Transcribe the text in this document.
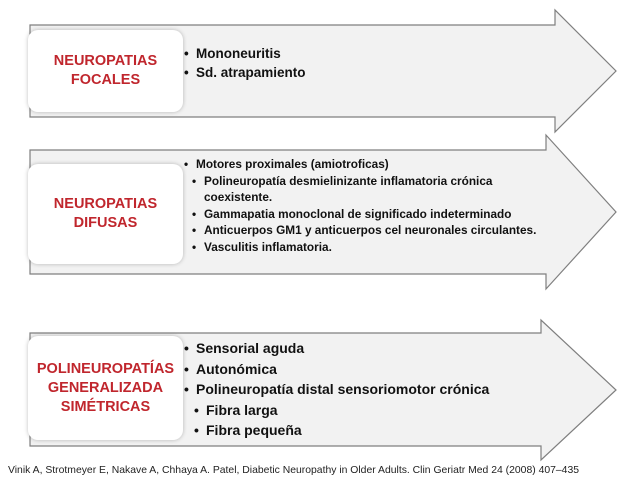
NEUROPATIAS
FOCALES
NEUROPATIAS
DIFUSAS
POLINEUROPATÍAS
GENERALIZADA
SIMÉTRICAS
• Mononeuritis
• Sd. atrapamiento
• Motores proximales (amiotroficas)
• Polineuropatía desmielinizante inflamatoria crónica coexistente.
• Gammapatia monoclonal de significado indeterminado
• Anticuerpos GM1 y anticuerpos cel neuronales circulantes.
• Vasculitis inflamatoria.
• Sensorial aguda
• Autonómica
• Polineuropatía distal sensoriomotor crónica
• Fibra larga
• Fibra pequeña
Vinik A, Strotmeyer E, Nakave A, Chhaya A. Patel, Diabetic Neuropathy in Older Adults. Clin Geriatr Med 24 (2008) 407–435
